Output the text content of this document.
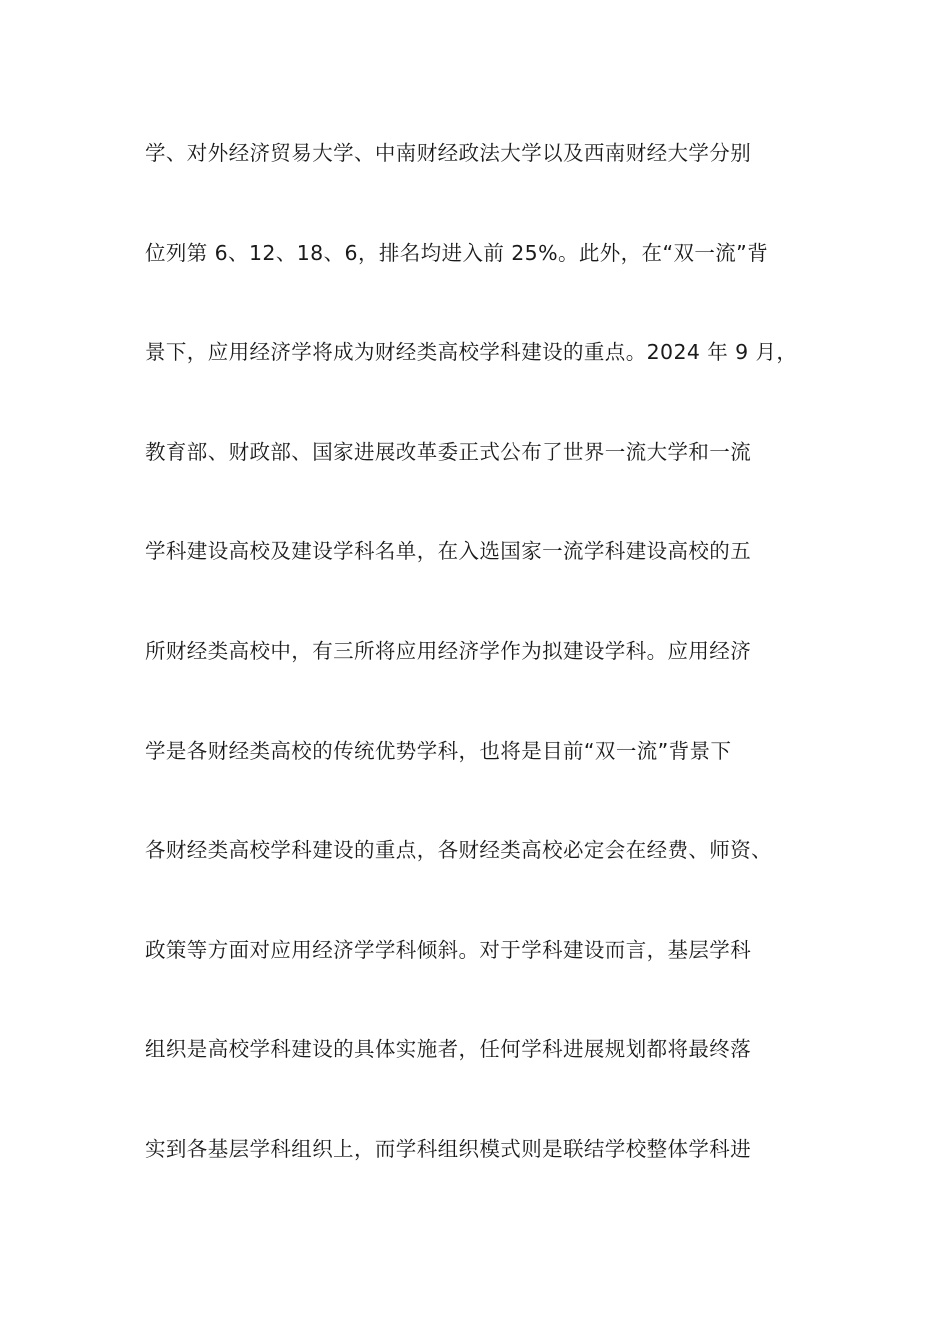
学、对外经济贸易大学、中南财经政法大学以及西南财经大学分别
位列第 6、12、18、6，排名均进入前 25%。此外，在“双一流”背
景下，应用经济学将成为财经类高校学科建设的重点。2024 年 9 月，
教育部、财政部、国家进展改革委正式公布了世界一流大学和一流
学科建设高校及建设学科名单，在入选国家一流学科建设高校的五
所财经类高校中，有三所将应用经济学作为拟建设学科。应用经济
学是各财经类高校的传统优势学科，也将是目前“双一流”背景下
各财经类高校学科建设的重点，各财经类高校必定会在经费、师资、
政策等方面对应用经济学学科倾斜。对于学科建设而言，基层学科
组织是高校学科建设的具体实施者，任何学科进展规划都将最终落
实到各基层学科组织上，而学科组织模式则是联结学校整体学科进
